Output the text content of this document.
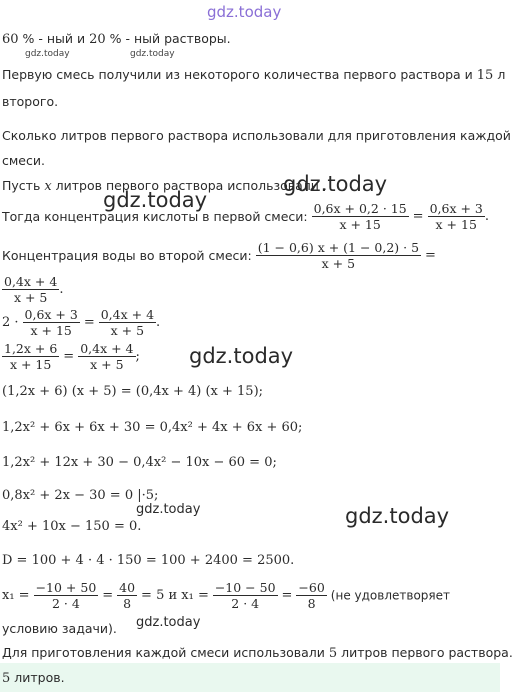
gdz.today
60 % - ный и 20 % - ный растворы.
gdz.today	gdz.today
Первую смесь получили из некоторого количества первого раствора и 15 л
второго.
Сколько литров первого раствора использовали для приготовления каждой
смеси.
Пусть x литров первого раствора использовали .
gdz.today
gdz.today
Тогда концентрация кислоты в первой смеси: $\frac{0,6x + 0,2 \cdot 15}{x + 15} = \frac{0,6x + 3}{x + 15}$ .
Концентрация воды во второй смеси: $\frac{(1 - 0,6) x + (1 - 0,2) \cdot 5}{x + 5}$ =
$\frac{0,4x + 4}{x + 5}$ .
$2 \cdot \frac{0,6x + 3}{x + 15} = \frac{0,4x + 4}{x + 5}$ .
$\frac{1,2x + 6}{x + 15} = \frac{0,4x + 4}{x + 5}$ ; gdz.today
(1,2x + 6) (x + 5) = (0,4x + 4) (x + 15);
1,2x² + 6x + 6x + 30 = 0,4x² + 4x + 6x + 60;
1,2x² + 12x + 30 − 0,4x² − 10x − 60 = 0;
0,8x² + 2x − 30 = 0 |·5;
gdz.today
4x² + 10x − 150 = 0.	gdz.today
D = 100 + 4 · 4 · 150 = 100 + 2400 = 2500.
$x_1 = \frac{-10 + 50}{2 \cdot 4} = \frac{40}{8} = 5$ и $x_1 = \frac{-10 - 50}{2 \cdot 4} = \frac{-60}{8} (не$ удовлетворяет
условию задачи). gdz.today
Для приготовления каждой смеси использовали 5 литров первого раствора.
5 литров.
